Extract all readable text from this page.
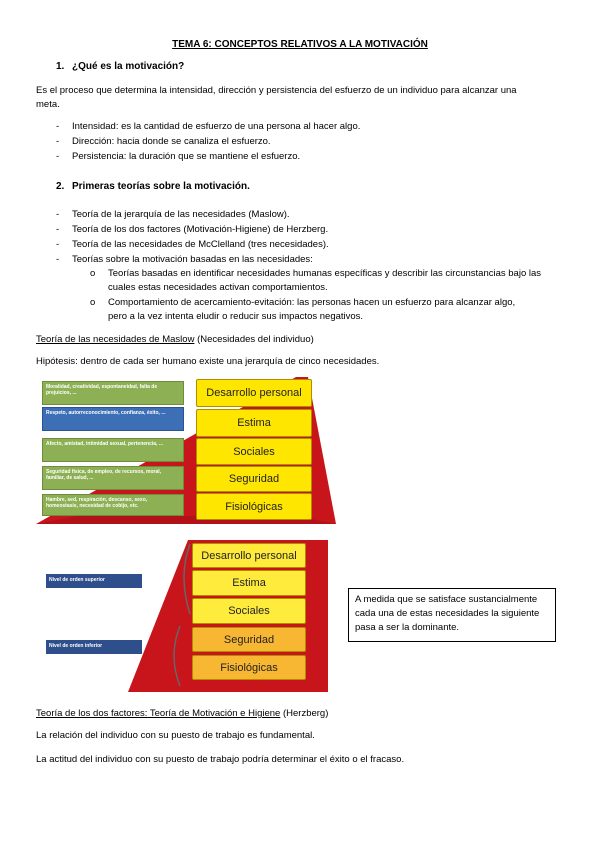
TEMA 6: CONCEPTOS RELATIVOS A LA MOTIVACIÓN
1. ¿Qué es la motivación?
Es el proceso que determina la intensidad, dirección y persistencia del esfuerzo de un individuo para alcanzar una
meta.
- Intensidad: es la cantidad de esfuerzo de una persona al hacer algo.
- Dirección: hacia donde se canaliza el esfuerzo.
- Persistencia: la duración que se mantiene el esfuerzo.
2. Primeras teorías sobre la motivación.
- Teoría de la jerarquía de las necesidades (Maslow).
- Teoría de los dos factores (Motivación-Higiene) de Herzberg.
- Teoría de las necesidades de McClelland (tres necesidades).
- Teorías sobre la motivación basadas en las necesidades:
o Teorías basadas en identificar necesidades humanas específicas y describir las circunstancias bajo las
cuales estas necesidades activan comportamientos.
o Comportamiento de acercamiento-evitación: las personas hacen un esfuerzo para alcanzar algo,
pero a la vez intenta eludir o reducir sus impactos negativos.
Teoría de las necesidades de Maslow (Necesidades del individuo)
Hipótesis: dentro de cada ser humano existe una jerarquía de cinco necesidades.
Desarrollo personal
Estima
Sociales
Seguridad
Fisiológicas
Moralidad, creatividad, espontaneidad, falta de prejuicios, ...
Respeto, autorreconocimiento, confianza, éxito, ...
Afecto, amistad, intimidad sexual, pertenencia, ...
Seguridad física, de empleo, de recursos, moral, familiar, de salud, ...
Hambre, sed, respiración, descanso, sexo, homeostasis, necesidad de cobijo, etc.
Desarrollo personal
Estima
Sociales
Seguridad
Fisiológicas
Nivel de orden superior
Nivel de orden inferior
A medida que se satisface sustancialmente cada una de estas necesidades la siguiente pasa a ser la dominante.
Teoría de los dos factores: Teoría de Motivación e Higiene (Herzberg)
La relación del individuo con su puesto de trabajo es fundamental.
La actitud del individuo con su puesto de trabajo podría determinar el éxito o el fracaso.
